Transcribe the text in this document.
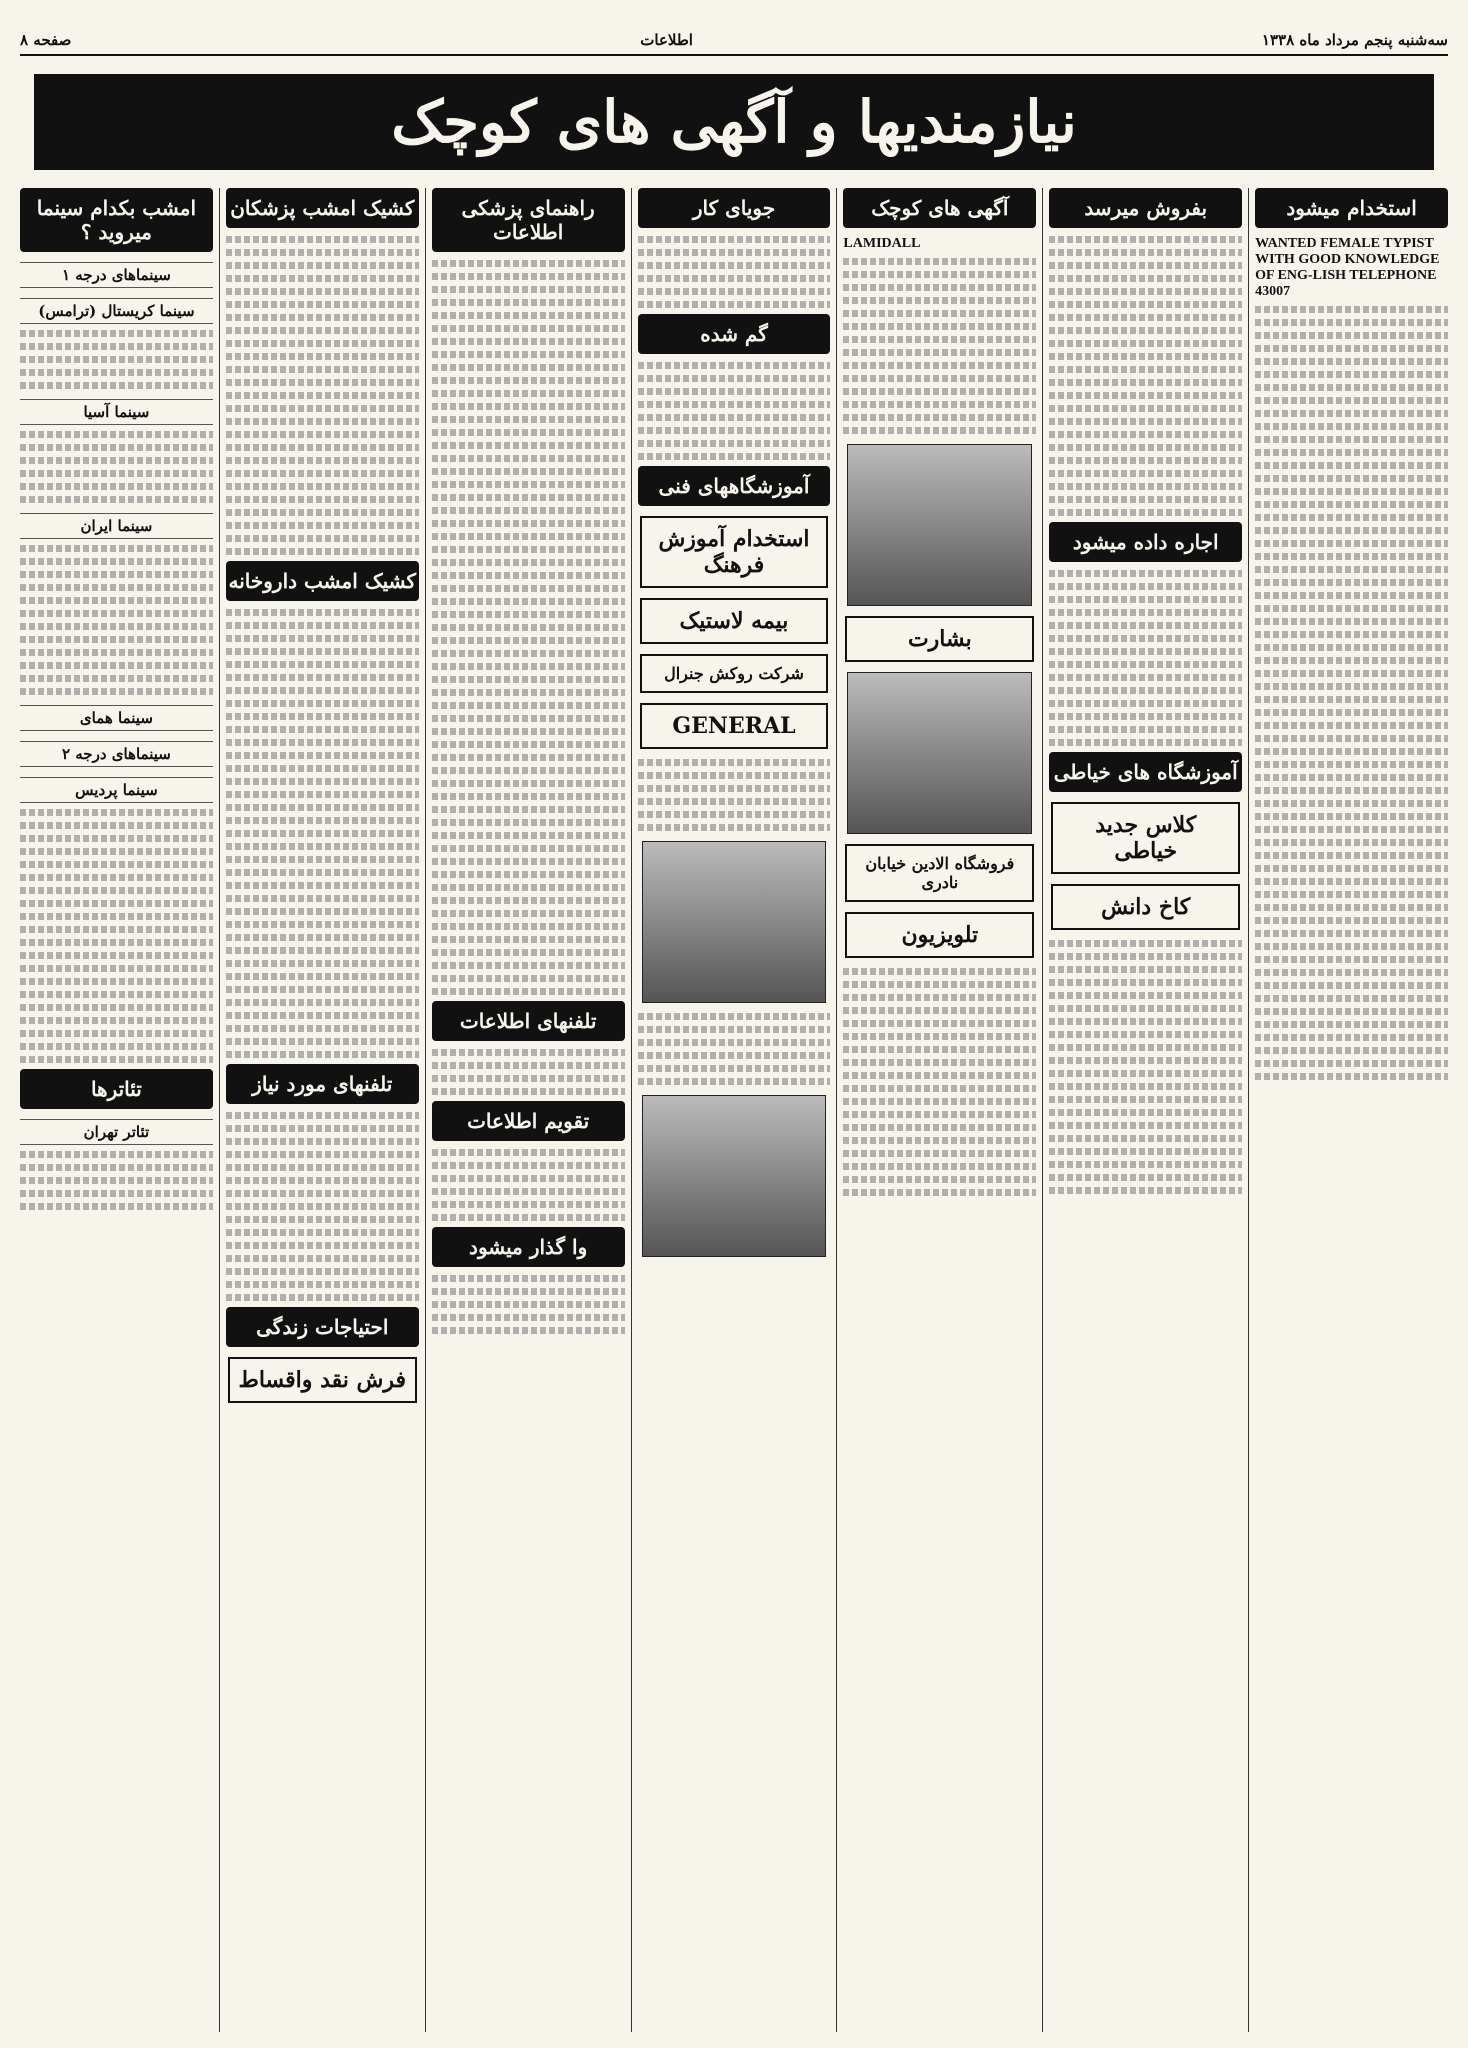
صفحه ۸	اطلاعات	سه‌شنبه پنجم مرداد ماه ۱۳۳۸
نیازمندیها و آگهی های کوچک
استخدام میشود
WANTED FEMALE TYPIST WITH GOOD KNOWLEDGE OF ENG-LISH TELEPHONE 43007
بفروش میرسد
اجاره داده میشود
آموزشگاه های خیاطی
کلاس جدید خیاطی
کاخ دانش
آگهی های کوچک
LAMIDALL
بشارت
فروشگاه الادین خیابان نادری
تلویزیون
جویای کار
گم شده
آموزشگاههای فنی
استخدام آموزش فرهنگ
بیمه لاستیک
شرکت روکش جنرال
GENERAL
راهنمای پزشکی اطلاعات
تلفنهای اطلاعات
تقویم اطلاعات
وا گذار میشود
کشیک امشب پزشکان
کشیک امشب داروخانه
تلفنهای مورد نیاز
احتیاجات زندگی
فرش نقد واقساط
امشب بکدام سینما میروید ؟
سینماهای درجه ۱
سینما کریستال (ترامس)
سینما آسیا
سینما ایران
سینما همای
سینماهای درجه ۲
سینما پردیس
تئاترها
تئاتر تهران
